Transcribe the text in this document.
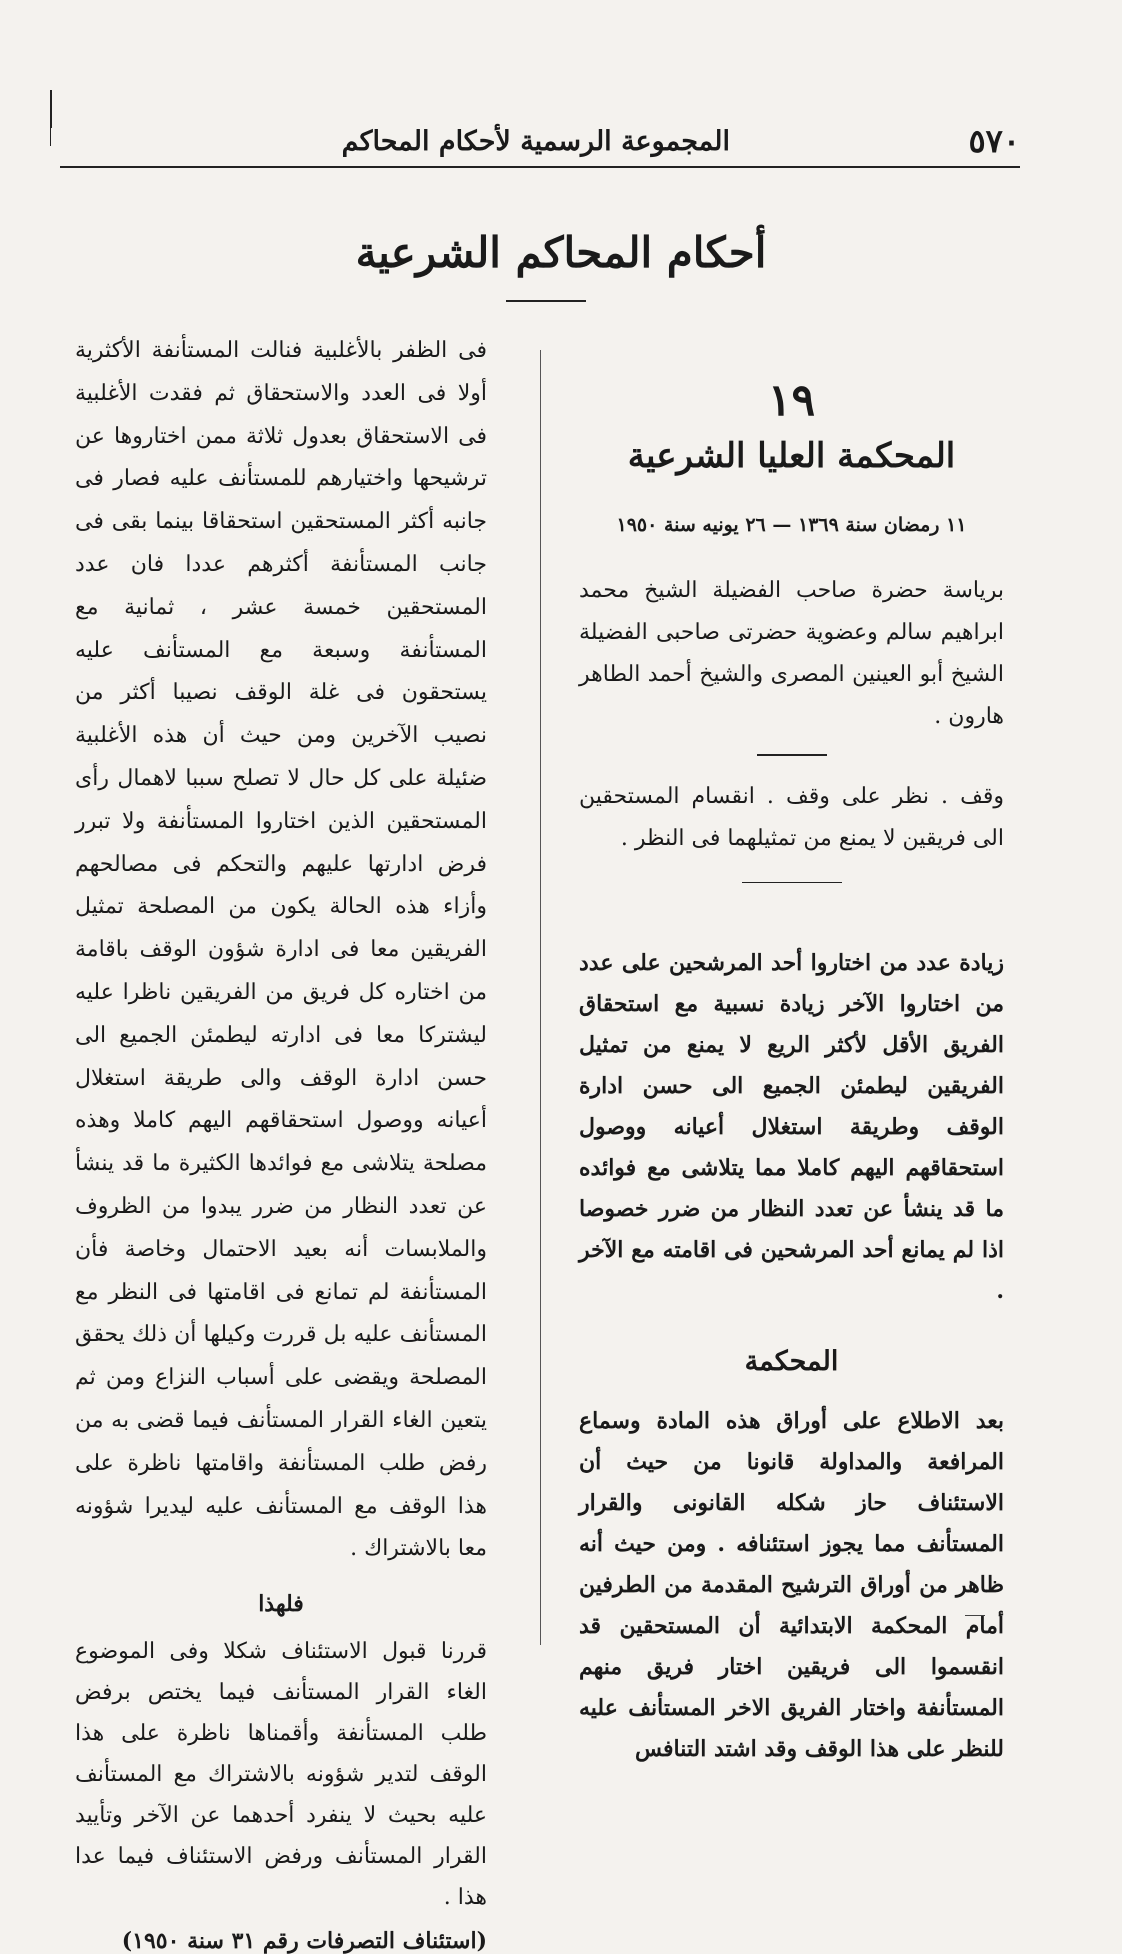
٥٧٠
المجموعة الرسمية لأحكام المحاكم
أحكام المحاكم الشرعية
١٩
المحكمة العليا الشرعية
١١ رمضان سنة ١٣٦٩ — ٢٦ يونيه سنة ١٩٥٠
برياسة حضرة صاحب الفضيلة الشيخ محمد ابراهيم سالم وعضوية حضرتى صاحبى الفضيلة الشيخ أبو العينين المصرى والشيخ أحمد الطاهر هارون .
وقف . نظر على وقف . انقسام المستحقين الى فريقين لا يمنع من تمثيلهما فى النظر .
زيادة عدد من اختاروا أحد المرشحين على عدد من اختاروا الآخر زيادة نسبية مع استحقاق الفريق الأقل لأكثر الريع لا يمنع من تمثيل الفريقين ليطمئن الجميع الى حسن ادارة الوقف وطريقة استغلال أعيانه ووصول استحقاقهم اليهم كاملا مما يتلاشى مع فوائده ما قد ينشأ عن تعدد النظار من ضرر خصوصا اذا لم يمانع أحد المرشحين فى اقامته مع الآخر .
المحكمة
بعد الاطلاع على أوراق هذه المادة وسماع المرافعة والمداولة قانونا من حيث أن الاستئناف حاز شكله القانونى والقرار المستأنف مما يجوز استئنافه . ومن حيث أنه ظاهر من أوراق الترشيح المقدمة من الطرفين أمام المحكمة الابتدائية أن المستحقين قد انقسموا الى فريقين اختار فريق منهم المستأنفة واختار الفريق الاخر المستأنف عليه للنظر على هذا الوقف وقد اشتد التنافس
فى الظفر بالأغلبية فنالت المستأنفة الأكثرية أولا فى العدد والاستحقاق ثم فقدت الأغلبية فى الاستحقاق بعدول ثلاثة ممن اختاروها عن ترشيحها واختيارهم للمستأنف عليه فصار فى جانبه أكثر المستحقين استحقاقا بينما بقى فى جانب المستأنفة أكثرهم عددا فان عدد المستحقين خمسة عشر ، ثمانية مع المستأنفة وسبعة مع المستأنف عليه يستحقون فى غلة الوقف نصيبا أكثر من نصيب الآخرين ومن حيث أن هذه الأغلبية ضئيلة على كل حال لا تصلح سببا لاهمال رأى المستحقين الذين اختاروا المستأنفة ولا تبرر فرض ادارتها عليهم والتحكم فى مصالحهم وأزاء هذه الحالة يكون من المصلحة تمثيل الفريقين معا فى ادارة شؤون الوقف باقامة من اختاره كل فريق من الفريقين ناظرا عليه ليشتركا معا فى ادارته ليطمئن الجميع الى حسن ادارة الوقف والى طريقة استغلال أعيانه ووصول استحقاقهم اليهم كاملا وهذه مصلحة يتلاشى مع فوائدها الكثيرة ما قد ينشأ عن تعدد النظار من ضرر يبدوا من الظروف والملابسات أنه بعيد الاحتمال وخاصة فأن المستأنفة لم تمانع فى اقامتها فى النظر مع المستأنف عليه بل قررت وكيلها أن ذلك يحقق المصلحة ويقضى على أسباب النزاع ومن ثم يتعين الغاء القرار المستأنف فيما قضى به من رفض طلب المستأنفة واقامتها ناظرة على هذا الوقف مع المستأنف عليه ليديرا شؤونه معا بالاشتراك .
فلهذا
قررنا قبول الاستئناف شكلا وفى الموضوع الغاء القرار المستأنف فيما يختص برفض طلب المستأنفة وأقمناها ناظرة على هذا الوقف لتدير شؤونه بالاشتراك مع المستأنف عليه بحيث لا ينفرد أحدهما عن الآخر وتأييد القرار المستأنف ورفض الاستئناف فيما عدا هذا .
(استئناف التصرفات رقم ٣١ سنة ١٩٥٠)
